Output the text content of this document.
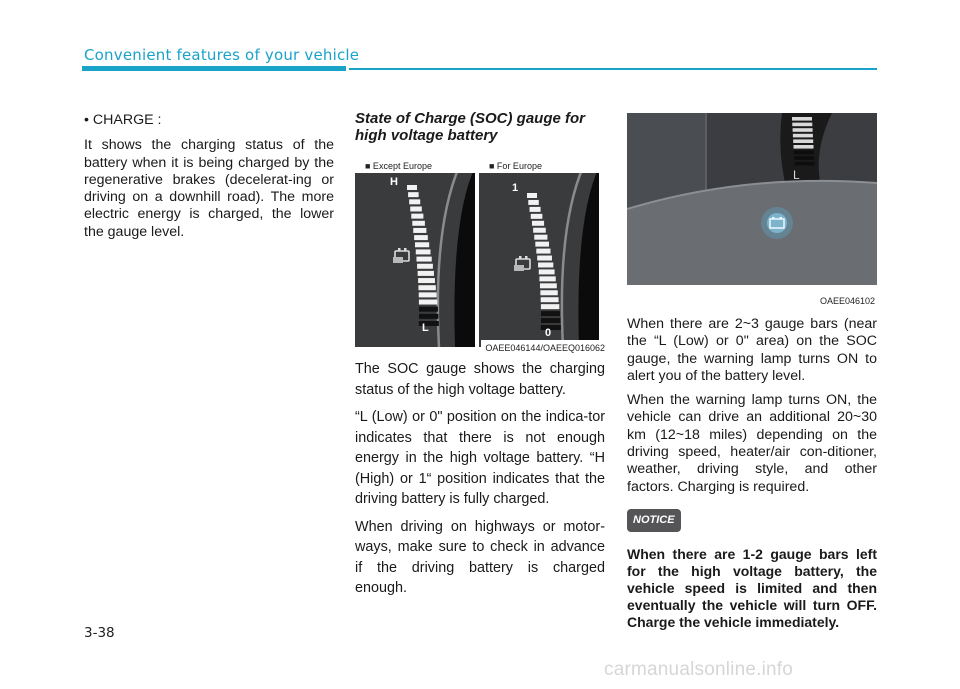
Convenient features of your vehicle

• CHARGE :

It shows the charging status of the battery when it is being charged by the regenerative brakes (decelerat-ing or driving on a downhill road). The more electric energy is charged, the lower the gauge level.

State of Charge (SOC) gauge for high voltage battery
■ Except Europe
H
L
■ For Europe
1
0
OAEE046144/OAEEQ016062

The SOC gauge shows the charging status of the high voltage battery.

“L (Low) or 0" position on the indica-tor indicates that there is not enough energy in the high voltage battery. “H (High) or 1“ position indicates that the driving battery is fully charged.

When driving on highways or motor-ways, make sure to check in advance if the driving battery is charged enough.

L
OAEE046102

When there are 2~3 gauge bars (near the “L (Low) or 0" area) on the SOC gauge, the warning lamp turns ON to alert you of the battery level.

When the warning lamp turns ON, the vehicle can drive an additional 20~30 km (12~18 miles) depending on the driving speed, heater/air con-ditioner, weather, driving style, and other factors. Charging is required.

NOTICE
When there are 1-2 gauge bars left for the high voltage battery, the vehicle speed is limited and then eventually the vehicle will turn OFF. Charge the vehicle immediately.
3-38
carmanualsonline.info
